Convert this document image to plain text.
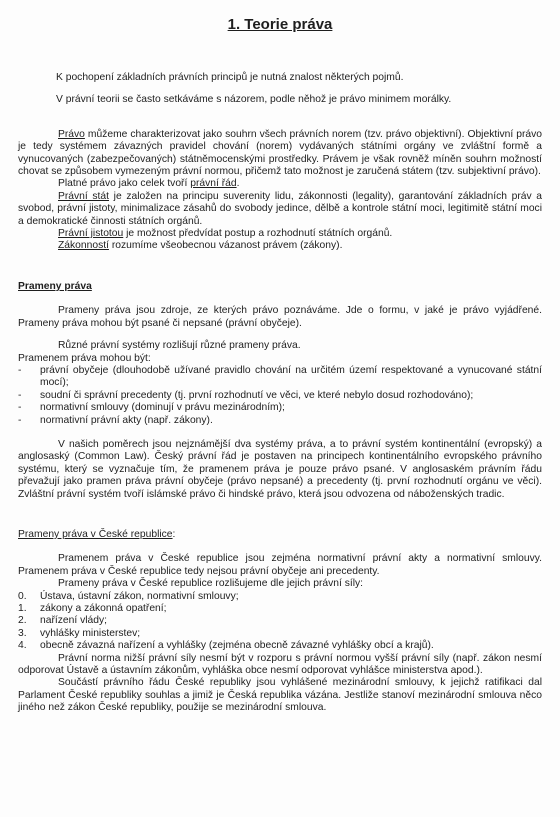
1. Teorie práva

K pochopení základních právních principů je nutná znalost některých pojmů.

V právní teorii se často setkáváme s názorem, podle něhož je právo minimem morálky.

Právo můžeme charakterizovat jako souhrn všech právních norem (tzv. právo objektivní). Objektivní právo je tedy systémem závazných pravidel chování (norem) vydávaných státními orgány ve zvláštní formě a vynucovaných (zabezpečovaných) státněmocenskými prostředky. Právem je však rovněž míněn souhrn možností chovat se způsobem vymezeným právní normou, přičemž tato možnost je zaručená státem (tzv. subjektivní právo).

Platné právo jako celek tvoří právní řád.

Právní stát je založen na principu suverenity lidu, zákonnosti (legality), garantování základních práv a svobod, právní jistoty, minimalizace zásahů do svobody jedince, dělbě a kontrole státní moci, legitimitě státní moci a demokratické činnosti státních orgánů.

Právní jistotou je možnost předvídat postup a rozhodnutí státních orgánů.

Zákonností rozumíme všeobecnou vázanost právem (zákony).

Prameny práva

Prameny práva jsou zdroje, ze kterých právo poznáváme. Jde o formu, v jaké je právo vyjádřené. Prameny práva mohou být psané či nepsané (právní obyčeje).

Různé právní systémy rozlišují různé prameny práva.

Pramenem práva mohou být:

- právní obyčeje (dlouhodobě užívané pravidlo chování na určitém území respektované a vynucované státní mocí);
- soudní či správní precedenty (tj. první rozhodnutí ve věci, ve které nebylo dosud rozhodováno);
- normativní smlouvy (dominují v právu mezinárodním);
- normativní právní akty (např. zákony).

V našich poměrech jsou nejznámější dva systémy práva, a to právní systém kontinentální (evropský) a anglosaský (Common Law). Český právní řád je postaven na principech kontinentálního evropského právního systému, který se vyznačuje tím, že pramenem práva je pouze právo psané. V anglosaském právním řádu převažují jako pramen práva právní obyčeje (právo nepsané) a precedenty (tj. první rozhodnutí orgánu ve věci). Zvláštní právní systém tvoří islámské právo či hindské právo, která jsou odvozena od náboženských tradic.

Prameny práva v České republice:

Pramenem práva v České republice jsou zejména normativní právní akty a normativní smlouvy. Pramenem práva v České republice tedy nejsou právní obyčeje ani precedenty.

Prameny práva v České republice rozlišujeme dle jejich právní síly:

0. Ústava, ústavní zákon, normativní smlouvy;
1. zákony a zákonná opatření;
2. nařízení vlády;
3. vyhlášky ministerstev;
4. obecně závazná nařízení a vyhlášky (zejména obecně závazné vyhlášky obcí a krajů).

Právní norma nižší právní síly nesmí být v rozporu s právní normou vyšší právní síly (např. zákon nesmí odporovat Ústavě a ústavním zákonům, vyhláška obce nesmí odporovat vyhlášce ministerstva apod.).

Součástí právního řádu České republiky jsou vyhlášené mezinárodní smlouvy, k jejichž ratifikaci dal Parlament České republiky souhlas a jimiž je Česká republika vázána. Jestliže stanoví mezinárodní smlouva něco jiného než zákon České republiky, použije se mezinárodní smlouva.
